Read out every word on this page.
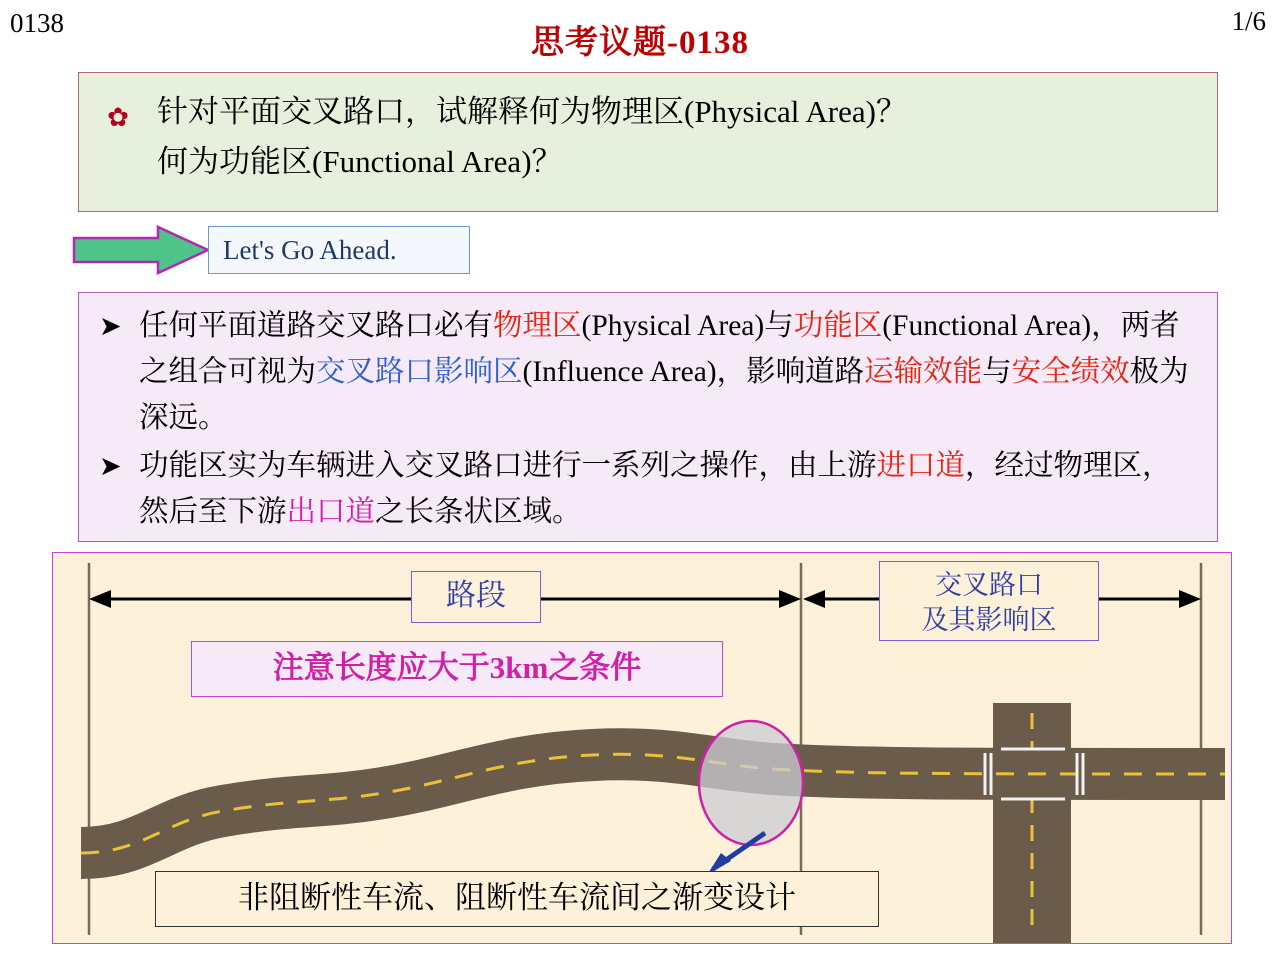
0138	1/6
思考议题-0138
✿ 针对平面交叉路口，试解释何为物理区(Physical Area)？
何为功能区(Functional Area)？
Let's Go Ahead.
➤ 任何平面道路交叉路口必有物理区(Physical Area)与功能区(Functional Area)，两者之组合可视为交叉路口影响区(Influence Area)，影响道路运输效能与安全绩效极为深远。
➤ 功能区实为车辆进入交叉路口进行一系列之操作，由上游进口道，经过物理区，然后至下游出口道之长条状区域。
路段	交叉路口
及其影响区
注意长度应大于3km之条件
非阻断性车流、阻断性车流间之渐变设计
